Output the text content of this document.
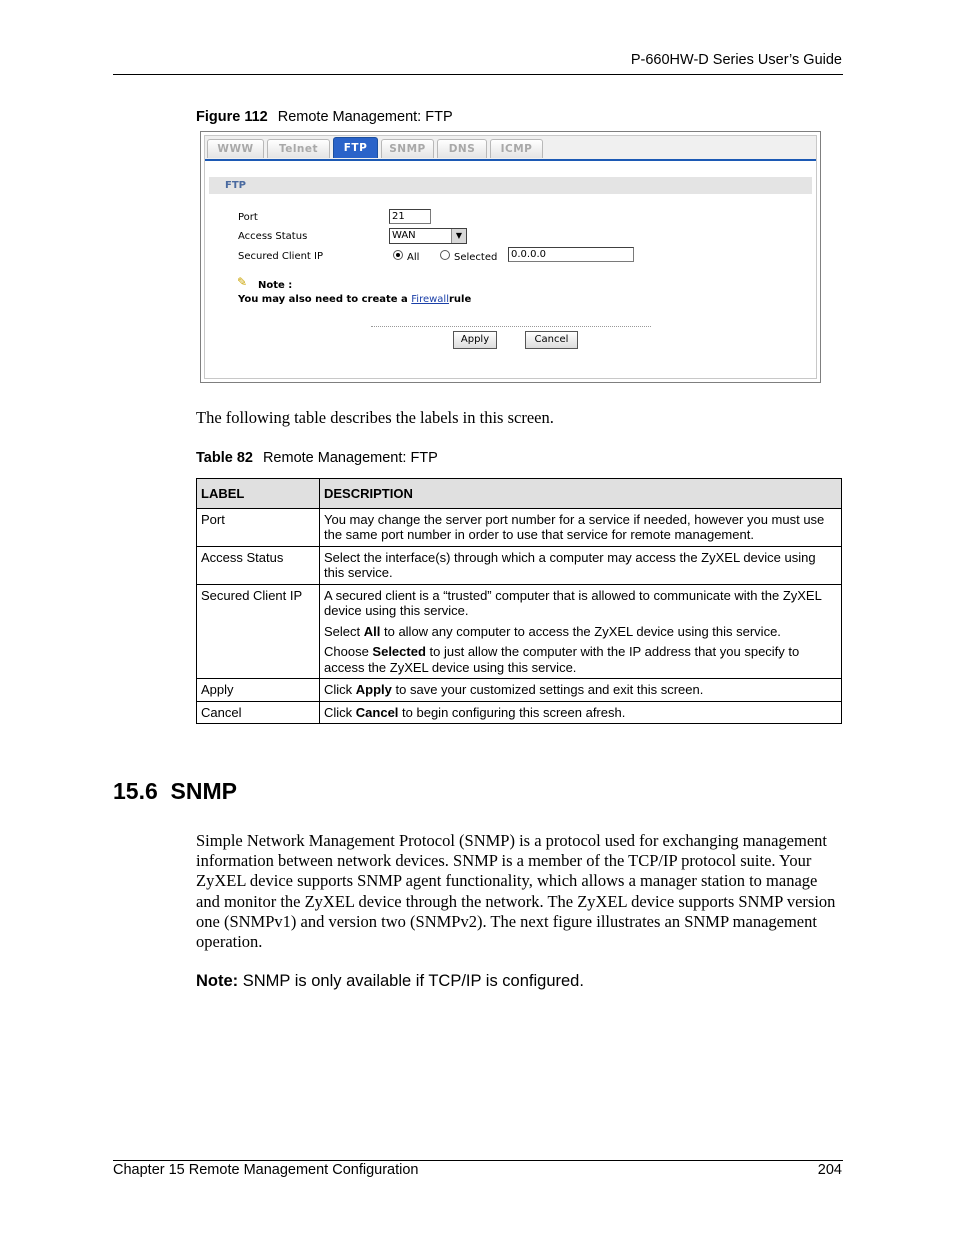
P-660HW-D Series User’s Guide
Figure 112 Remote Management: FTP
WWW	Telnet	FTP	SNMP	DNS	ICMP
FTP
Port	21
Access Status	WAN	▼
Secured Client IP	All	Selected	0.0.0.0
✎ Note :
You may also need to create a Firewallrule
Apply	Cancel
The following table describes the labels in this screen.
Table 82 Remote Management: FTP
LABEL	DESCRIPTION
Port	You may change the server port number for a service if needed, however you must use the same port number in order to use that service for remote management.

Access Status	Select the interface(s) through which a computer may access the ZyXEL device using this service.

Secured Client IP	A secured client is a “trusted” computer that is allowed to communicate with the ZyXEL device using this service.

Select All to allow any computer to access the ZyXEL device using this service.

Choose Selected to just allow the computer with the IP address that you specify to access the ZyXEL device using this service.

Apply	Click Apply to save your customized settings and exit this screen.

Cancel	Click Cancel to begin configuring this screen afresh.

15.6  SNMP
Simple Network Management Protocol (SNMP) is a protocol used for exchanging management information between network devices. SNMP is a member of the TCP/IP protocol suite. Your ZyXEL device supports SNMP agent functionality, which allows a manager station to manage and monitor the ZyXEL device through the network. The ZyXEL device supports SNMP version one (SNMPv1) and version two (SNMPv2). The next figure illustrates an SNMP management operation.
Note: SNMP is only available if TCP/IP is configured.
Chapter 15 Remote Management Configuration	204
